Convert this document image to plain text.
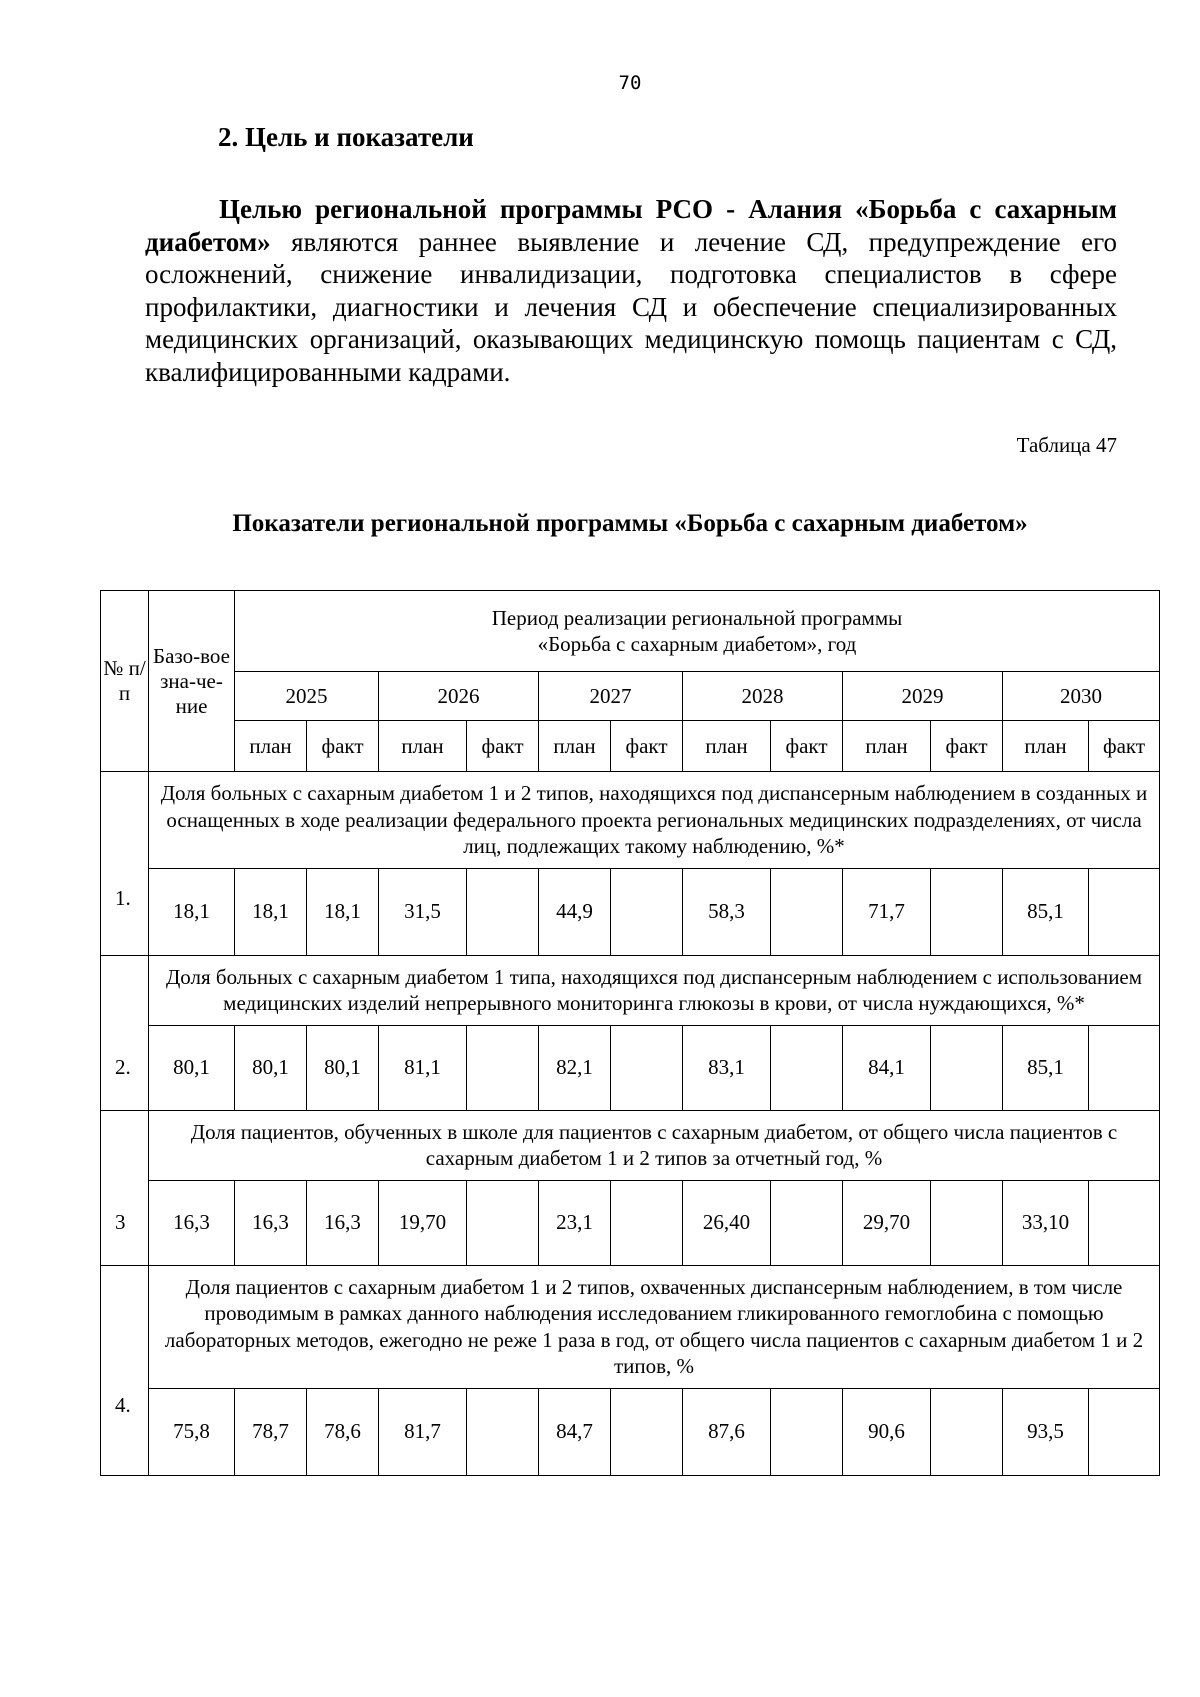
70
2. Цель и показатели

Целью региональной программы РСО - Алания «Борьба с сахарным диабетом» являются раннее выявление и лечение СД, предупреждение его осложнений, снижение инвалидизации, подготовка специалистов в сфере профилактики, диагностики и лечения СД и обеспечение специализированных медицинских организаций, оказывающих медицинскую помощь пациентам с СД, квалифицированными кадрами.

Таблица 47
Показатели региональной программы «Борьба с сахарным диабетом»
№ п/ п	Базо-вое зна-че-ние	Период реализации региональной программы
«Борьба с сахарным диабетом», год											

		2025		2026		2027		2028		2029		2030	
		план	факт	план	факт	план	факт	план	факт	план	факт	план	факт
1.	Доля больных с сахарным диабетом 1 и 2 типов, находящихся под диспансерным наблюдением в созданных и оснащенных в ходе реализации федерального проекта региональных медицинских подразделениях, от числа лиц, подлежащих такому наблюдению, %*												
	18,1	18,1	18,1	31,5		44,9		58,3		71,7		85,1	
2.	Доля больных с сахарным диабетом 1 типа, находящихся под диспансерным наблюдением с использованием медицинских изделий непрерывного мониторинга глюкозы в крови, от числа нуждающихся, %*												
	80,1	80,1	80,1	81,1		82,1		83,1		84,1		85,1	
3	Доля пациентов, обученных в школе для пациентов с сахарным диабетом, от общего числа пациентов с сахарным диабетом 1 и 2 типов за отчетный год, %												
	16,3	16,3	16,3	19,70		23,1		26,40		29,70		33,10	
4.	Доля пациентов с сахарным диабетом 1 и 2 типов, охваченных диспансерным наблюдением, в том числе проводимым в рамках данного наблюдения исследованием гликированного гемоглобина с помощью лабораторных методов, ежегодно не реже 1 раза в год, от общего числа пациентов с сахарным диабетом 1 и 2 типов, %												
	75,8	78,7	78,6	81,7		84,7		87,6		90,6		93,5	
